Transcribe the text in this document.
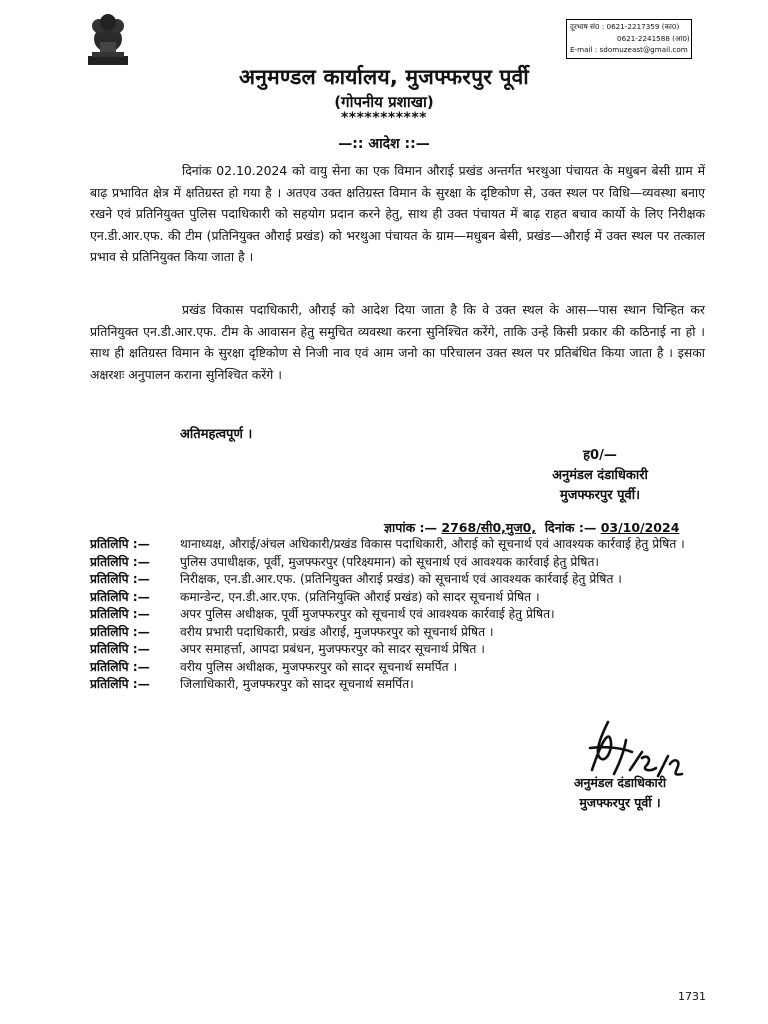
दूरभाष सं0 : 0621-2217359 (का0)
0621-2241588 (आ0)
E-mail : sdomuzeast@gmail.com
अनुमण्डल कार्यालय, मुजफ्फरपुर पूर्वी
(गोपनीय प्रशाखा)
***********
—:: आदेश ::—

दिनांक 02.10.2024 को वायु सेना का एक विमान औराई प्रखंड अन्तर्गत भरथुआ पंचायत के मधुबन बेसी ग्राम में बाढ़ प्रभावित क्षेत्र में क्षतिग्रस्त हो गया है । अतएव उक्त क्षतिग्रस्त विमान के सुरक्षा के दृष्टिकोण से, उक्त स्थल पर विधि—व्यवस्था बनाए रखने एवं प्रतिनियुक्त पुलिस पदाधिकारी को सहयोग प्रदान करने हेतु, साथ ही उक्त पंचायत में बाढ़ राहत बचाव कार्यो के लिए निरीक्षक एन.डी.आर.एफ. की टीम (प्रतिनियुक्त औराई प्रखंड) को भरथुआ पंचायत के ग्राम—मधुबन बेसी, प्रखंड—औराई में उक्त स्थल पर तत्काल प्रभाव से प्रतिनियुक्त किया जाता है ।

प्रखंड विकास पदाधिकारी, औराई को आदेश दिया जाता है कि वे उक्त स्थल के आस—पास स्थान चिन्हित कर प्रतिनियुक्त एन.डी.आर.एफ. टीम के आवासन हेतु समुचित व्यवस्था करना सुनिश्चित करेंगे, ताकि उन्हे किसी प्रकार की कठिनाई ना हो । साथ ही क्षतिग्रस्त विमान के सुरक्षा दृष्टिकोण से निजी नाव एवं आम जनो का परिचालन उक्त स्थल पर प्रतिबंधित किया जाता है । इसका अक्षरशः अनुपालन कराना सुनिश्चित करेंगे ।

अतिमहत्वपूर्ण ।
ह0/—
अनुमंडल दंडाधिकारी
मुजफ्फरपुर पूर्वी।
ज्ञापांक :— 2768/सी0,मुज0, दिनांक :— 03/10/2024
प्रतिलिपि :—	थानाध्यक्ष, औराई/अंचल अधिकारी/प्रखंड विकास पदाधिकारी, औराई को सूचनार्थ एवं आवश्यक कार्रवाई हेतु प्रेषित ।
प्रतिलिपि :—	पुलिस उपाधीक्षक, पूर्वी, मुजफ्फरपुर (परिक्ष्यमान) को सूचनार्थ एवं आवश्यक कार्रवाई हेतु प्रेषित।
प्रतिलिपि :—	निरीक्षक, एन.डी.आर.एफ. (प्रतिनियुक्त औराई प्रखंड) को सूचनार्थ एवं आवश्यक कार्रवाई हेतु प्रेषित ।
प्रतिलिपि :—	कमान्डेन्ट, एन.डी.आर.एफ. (प्रतिनियुक्ति औराई प्रखंड) को सादर सूचनार्थ प्रेषित ।
प्रतिलिपि :—	अपर पुलिस अधीक्षक, पूर्वी मुजफ्फरपुर को सूचनार्थ एवं आवश्यक कार्रवाई हेतु प्रेषित।
प्रतिलिपि :—	वरीय प्रभारी पदाधिकारी, प्रखंड औराई, मुजफ्फरपुर को सूचनार्थ प्रेषित ।
प्रतिलिपि :—	अपर समाहर्त्ता, आपदा प्रबंधन, मुजफ्फरपुर को सादर सूचनार्थ प्रेषित ।
प्रतिलिपि :—	वरीय पुलिस अधीक्षक, मुजफ्फरपुर को सादर सूचनार्थ समर्पित ।
प्रतिलिपि :—	जिलाधिकारी, मुजफ्फरपुर को सादर सूचनार्थ समर्पित।
अनुमंडल दंडाधिकारी
मुजफ्फरपुर पूर्वी ।
1731
